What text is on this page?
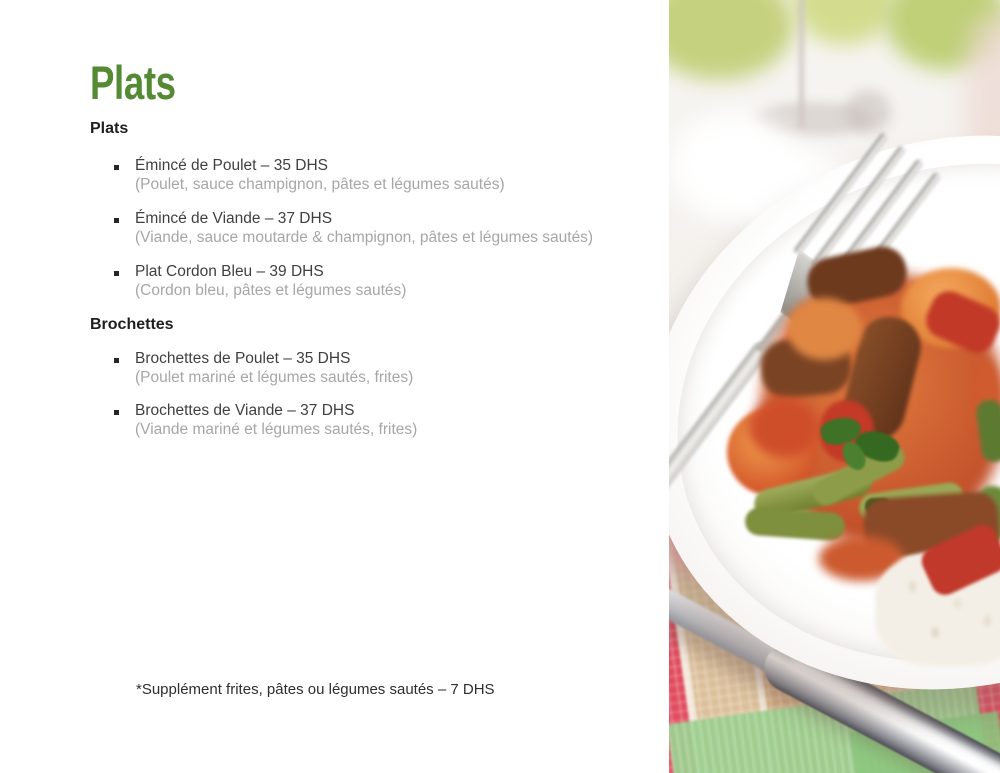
Plats
Plats
Émincé de Poulet – 35 DHS
(Poulet, sauce champignon, pâtes et légumes sautés)
Émincé de Viande – 37 DHS
(Viande, sauce moutarde & champignon, pâtes et légumes sautés)
Plat Cordon Bleu – 39 DHS
(Cordon bleu, pâtes et légumes sautés)
Brochettes
Brochettes de Poulet – 35 DHS
(Poulet mariné et légumes sautés, frites)
Brochettes de Viande – 37 DHS
(Viande mariné et légumes sautés, frites)
*Supplément frites, pâtes ou légumes sautés – 7 DHS
